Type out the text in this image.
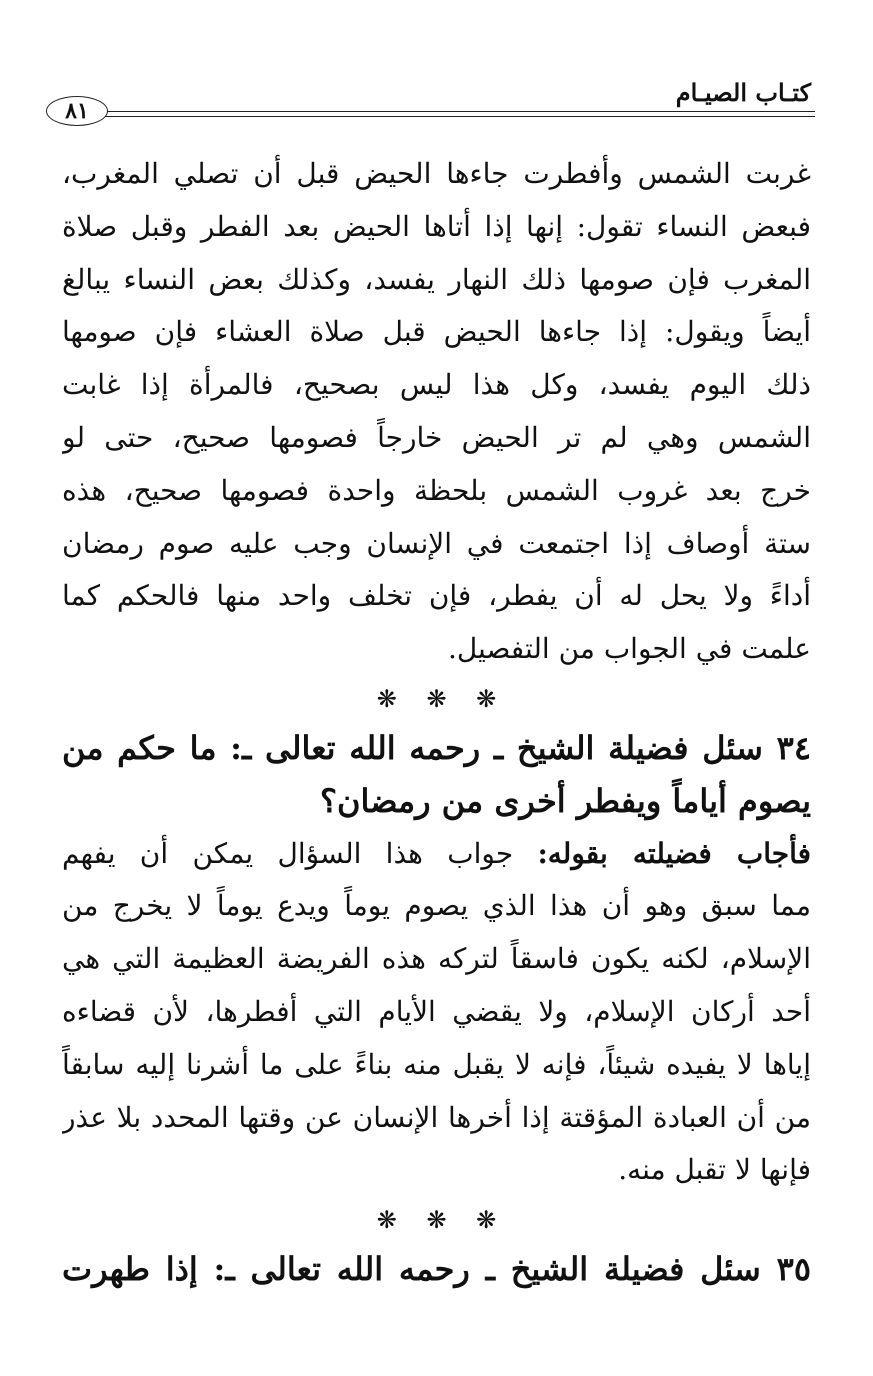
كتـاب الصيـام
٨١
غربت الشمس وأفطرت جاءها الحيض قبل أن تصلي المغرب،
فبعض النساء تقول: إنها إذا أتاها الحيض بعد الفطر وقبل صلاة
المغرب فإن صومها ذلك النهار يفسد، وكذلك بعض النساء يبالغ
أيضاً ويقول: إذا جاءها الحيض قبل صلاة العشاء فإن صومها
ذلك اليوم يفسد، وكل هذا ليس بصحيح، فالمرأة إذا غابت
الشمس وهي لم تر الحيض خارجاً فصومها صحيح، حتى لو
خرج بعد غروب الشمس بلحظة واحدة فصومها صحيح، هذه
ستة أوصاف إذا اجتمعت في الإنسان وجب عليه صوم رمضان
أداءً ولا يحل له أن يفطر، فإن تخلف واحد منها فالحكم كما
علمت في الجواب من التفصيل.
❋ ❋ ❋
٣٤ سئل فضيلة الشيخ ـ رحمه الله تعالى ـ: ما حكم من
يصوم أياماً ويفطر أخرى من رمضان؟
فأجاب فضيلته بقوله: جواب هذا السؤال يمكن أن يفهم
مما سبق وهو أن هذا الذي يصوم يوماً ويدع يوماً لا يخرج من
الإسلام، لكنه يكون فاسقاً لتركه هذه الفريضة العظيمة التي هي
أحد أركان الإسلام، ولا يقضي الأيام التي أفطرها، لأن قضاءه
إياها لا يفيده شيئاً، فإنه لا يقبل منه بناءً على ما أشرنا إليه سابقاً
من أن العبادة المؤقتة إذا أخرها الإنسان عن وقتها المحدد بلا عذر
فإنها لا تقبل منه.
❋ ❋ ❋
٣٥ سئل فضيلة الشيخ ـ رحمه الله تعالى ـ: إذا طهرت
